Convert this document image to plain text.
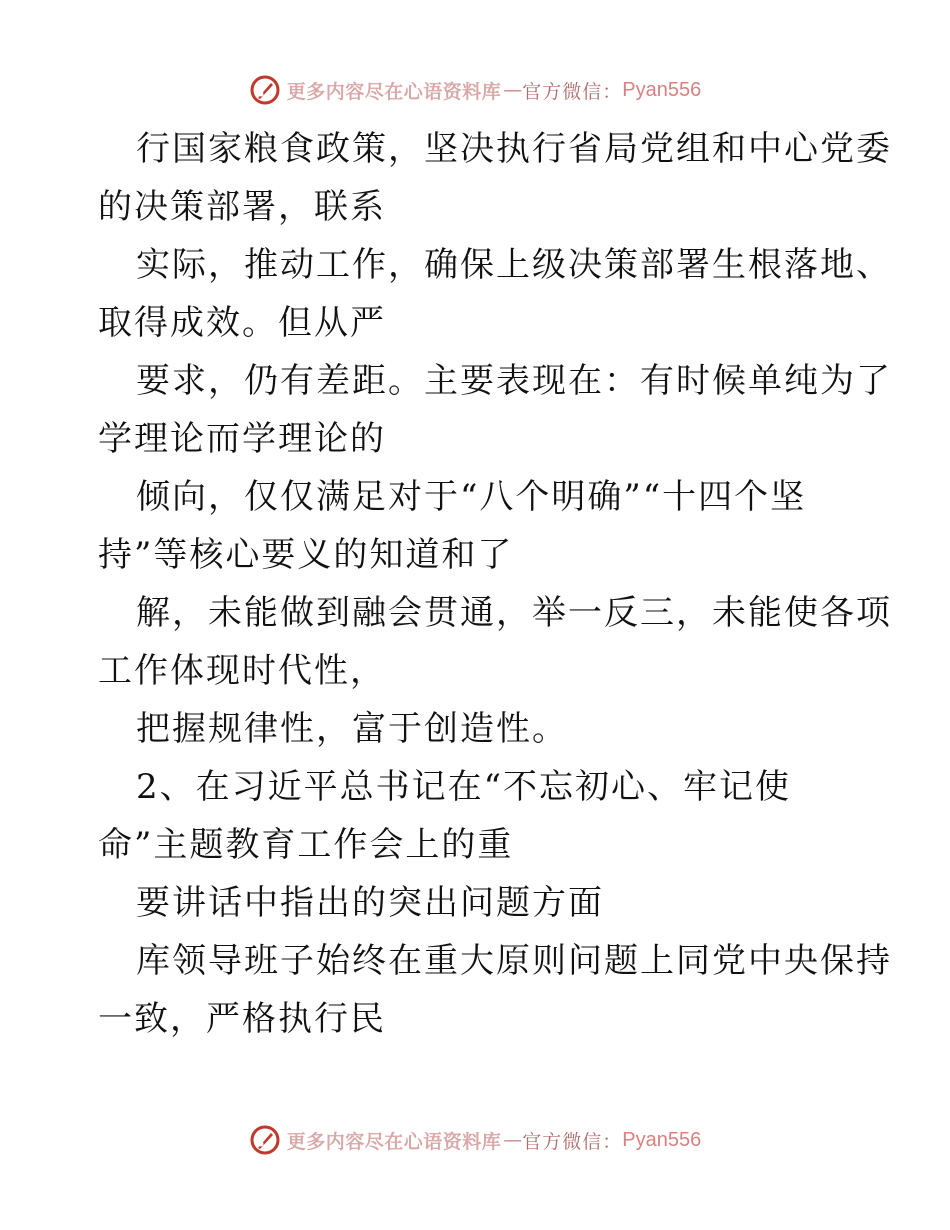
更多内容尽在心语资料库 — 官方微信： Pyan556
行国家粮食政策，坚决执行省局党组和中心党委
的决策部署，联系
实际，推动工作，确保上级决策部署生根落地、
取得成效。但从严
要求，仍有差距。主要表现在：有时候单纯为了
学理论而学理论的
倾向，仅仅满足对于“八个明确”“十四个坚
持”等核心要义的知道和了
解，未能做到融会贯通，举一反三，未能使各项
工作体现时代性，
把握规律性，富于创造性。
2、在习近平总书记在“不忘初心、牢记使
命”主题教育工作会上的重
要讲话中指出的突出问题方面
库领导班子始终在重大原则问题上同党中央保持
一致，严格执行民
更多内容尽在心语资料库 — 官方微信： Pyan556
